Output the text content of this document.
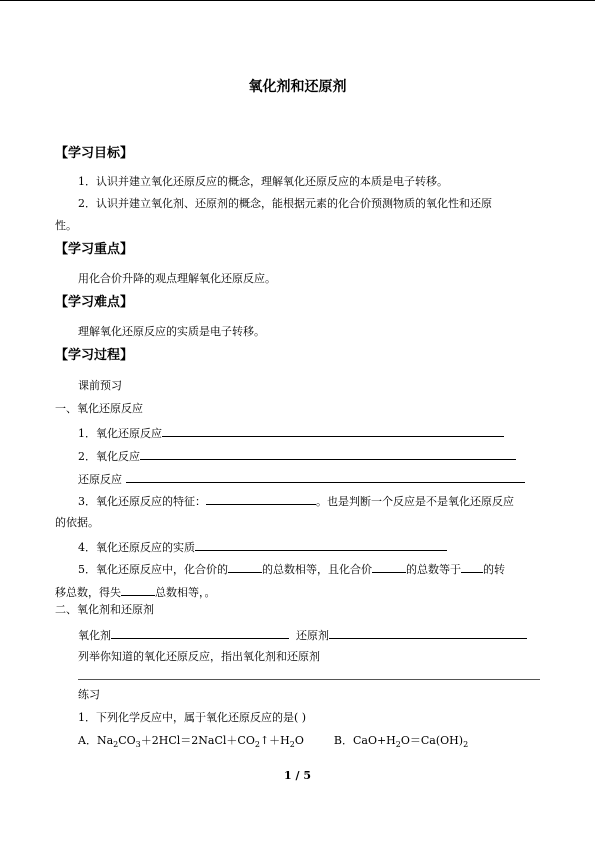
氧化剂和还原剂
【学习目标】
1．认识并建立氧化还原反应的概念，理解氧化还原反应的本质是电子转移。
2．认识并建立氧化剂、还原剂的概念，能根据元素的化合价预测物质的氧化性和还原
性。
【学习重点】
用化合价升降的观点理解氧化还原反应。
【学习难点】
理解氧化还原反应的实质是电子转移。
【学习过程】
课前预习
一、氧化还原反应
1．氧化还原反应
2．氧化反应
还原反应
3．氧化还原反应的特征：	。也是判断一个反应是不是氧化还原反应
的依据。
4．氧化还原反应的实质
5．氧化还原反应中，化合价的	的总数相等，且化合价	的总数等于 的转
移总数，得失	总数相等，。
二、氧化剂和还原剂
氧化剂	还原剂
列举你知道的氧化还原反应，指出氧化剂和还原剂
练习
1．下列化学反应中，属于氧化还原反应的是( )
A．$Na_2CO_3+2HCl=2NaCl+CO_2↑+H_2O$	B．$CaO+H_2O=Ca(OH)_2$
1 / 5
